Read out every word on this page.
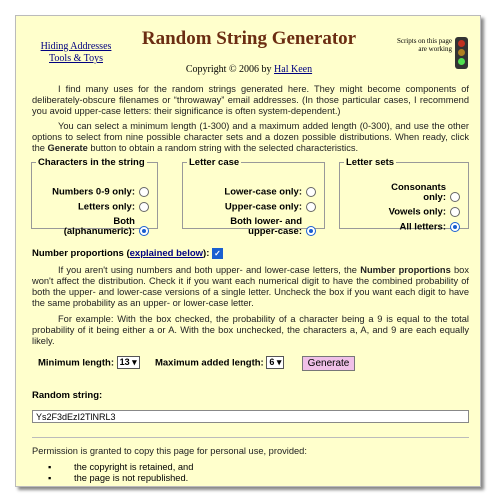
Hiding Addresses
Tools & Toys
Random String Generator
Copyright © 2006 by Hal Keen
Scripts on this page are working
I find many uses for the random strings generated here. They might become components of deliberately-obscure filenames or “throwaway” email addresses. (In those particular cases, I recommend you avoid upper-case letters: their significance is often system-dependent.)
You can select a minimum length (1-300) and a maximum added length (0-300), and use the other options to select from nine possible character sets and a dozen possible distributions. When ready, click the Generate button to obtain a random string with the selected characteristics.
Characters in the string
Numbers 0-9 only:
Letters only:
Both (alphanumeric):
Letter case
Lower-case only:
Upper-case only:
Both lower- and upper-case:
Letter sets
Consonants only:
Vowels only:
All letters:
Number proportions (explained below): ✓
If you aren't using numbers and both upper- and lower-case letters, the Number proportions box won't affect the distribution. Check it if you want each numerical digit to have the combined probability of both the upper- and lower-case versions of a single letter. Uncheck the box if you want each digit to have the same probability as an upper- or lower-case letter.
For example: With the box checked, the probability of a character being a 9 is equal to the total probability of it being either a or A. With the box unchecked, the characters a, A, and 9 are each equally likely.
Minimum length: 13 ▾ Maximum added length: 6 ▾	Generate
Random string:
Ys2F3dEzI2TlNRL3
Permission is granted to copy this page for personal use, provided:
▪ the copyright is retained, and
▪ the page is not republished.
